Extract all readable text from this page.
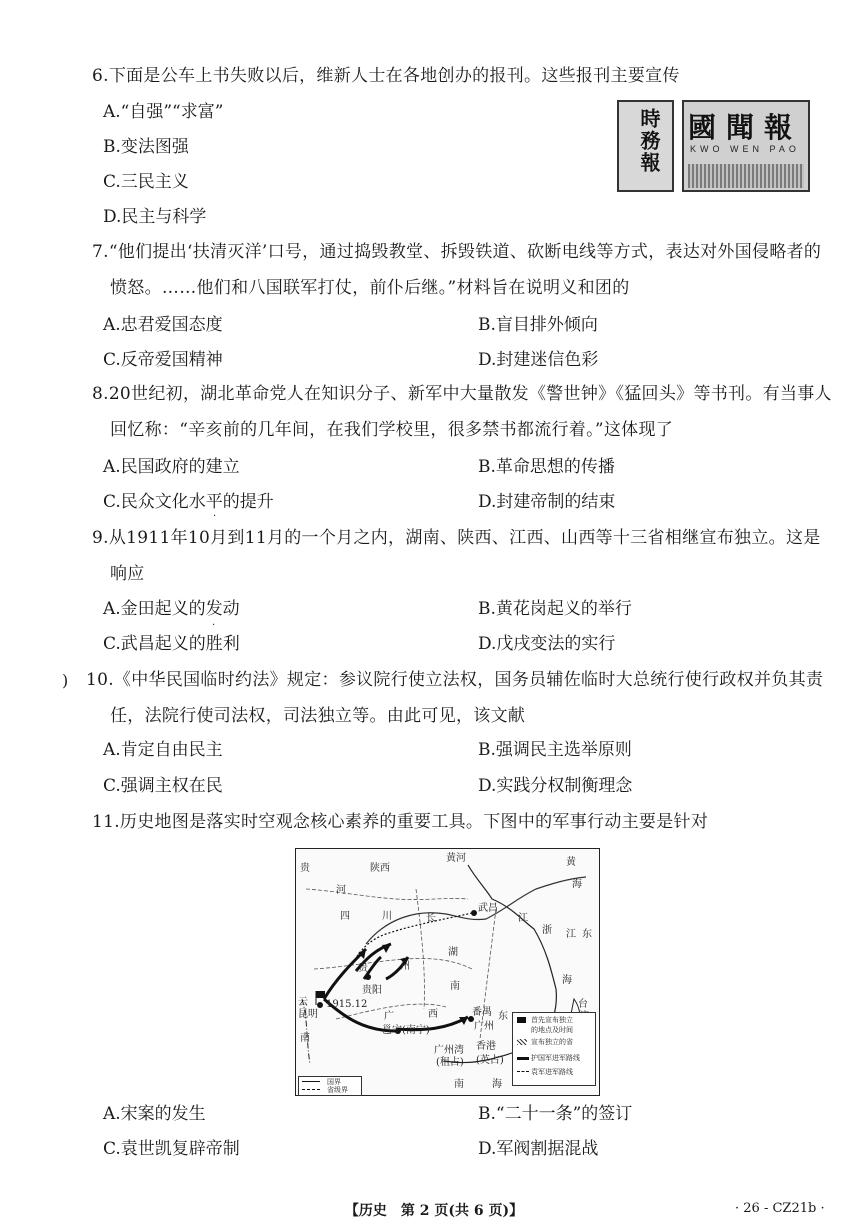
6.下面是公车上书失败以后，维新人士在各地创办的报刊。这些报刊主要宣传
A.“自强”“求富”
B.变法图强
C.三民主义
D.民主与科学
時務報 國聞報
KWO WEN PAO
7.“他们提出‘扶清灭洋’口号，通过捣毁教堂、拆毁铁道、砍断电线等方式，表达对外国侵略者的
愤怒。……他们和八国联军打仗，前仆后继。”材料旨在说明义和团的
A.忠君爱国态度	B.盲目排外倾向
C.反帝爱国精神	D.封建迷信色彩
8.20世纪初，湖北革命党人在知识分子、新军中大量散发《警世钟》《猛回头》等书刊。有当事人
回忆称：“辛亥前的几年间，在我们学校里，很多禁书都流行着。”这体现了
A.民国政府的建立	B.革命思想的传播
C.民众文化水平的提升	D.封建帝制的结束
·
9.从1911年10月到11月的一个月之内，湖南、陕西、江西、山西等十三省相继宣布独立。这是
响应
A.金田起义的发动	B.黄花岗起义的举行
C.武昌起义的胜利	D.戊戌变法的实行
·
) 10.《中华民国临时约法》规定：参议院行使立法权，国务员辅佐临时大总统行使行政权并负其责
任，法院行使司法权，司法独立等。由此可见，该文献
A.肯定自由民主	B.强调民主选举原则
C.强调主权在民	D.实践分权制衡理念
11.历史地图是落实时空观念核心素养的重要工具。下图中的军事行动主要是针对
贵
河
陕西
黄河	黄
海
四	川	长
武昌
江
浙 江 东
湖
南
海
贵	州
贵阳
云
昆明
1915.12
广	西
邕宁(南宁)
番禺 东
广州
南
台
广州湾
(租占)
香港
(英占)
南	海
首先宣布独立
的地点及时间
宣布独立的省
护国军进军路线
袁军进军路线
国界
省级界
A.宋案的发生	B.“二十一条”的签订
C.袁世凯复辟帝制	D.军阀割据混战
【历史　第 2 页(共 6 页)】	· 26 - CZ21b ·
